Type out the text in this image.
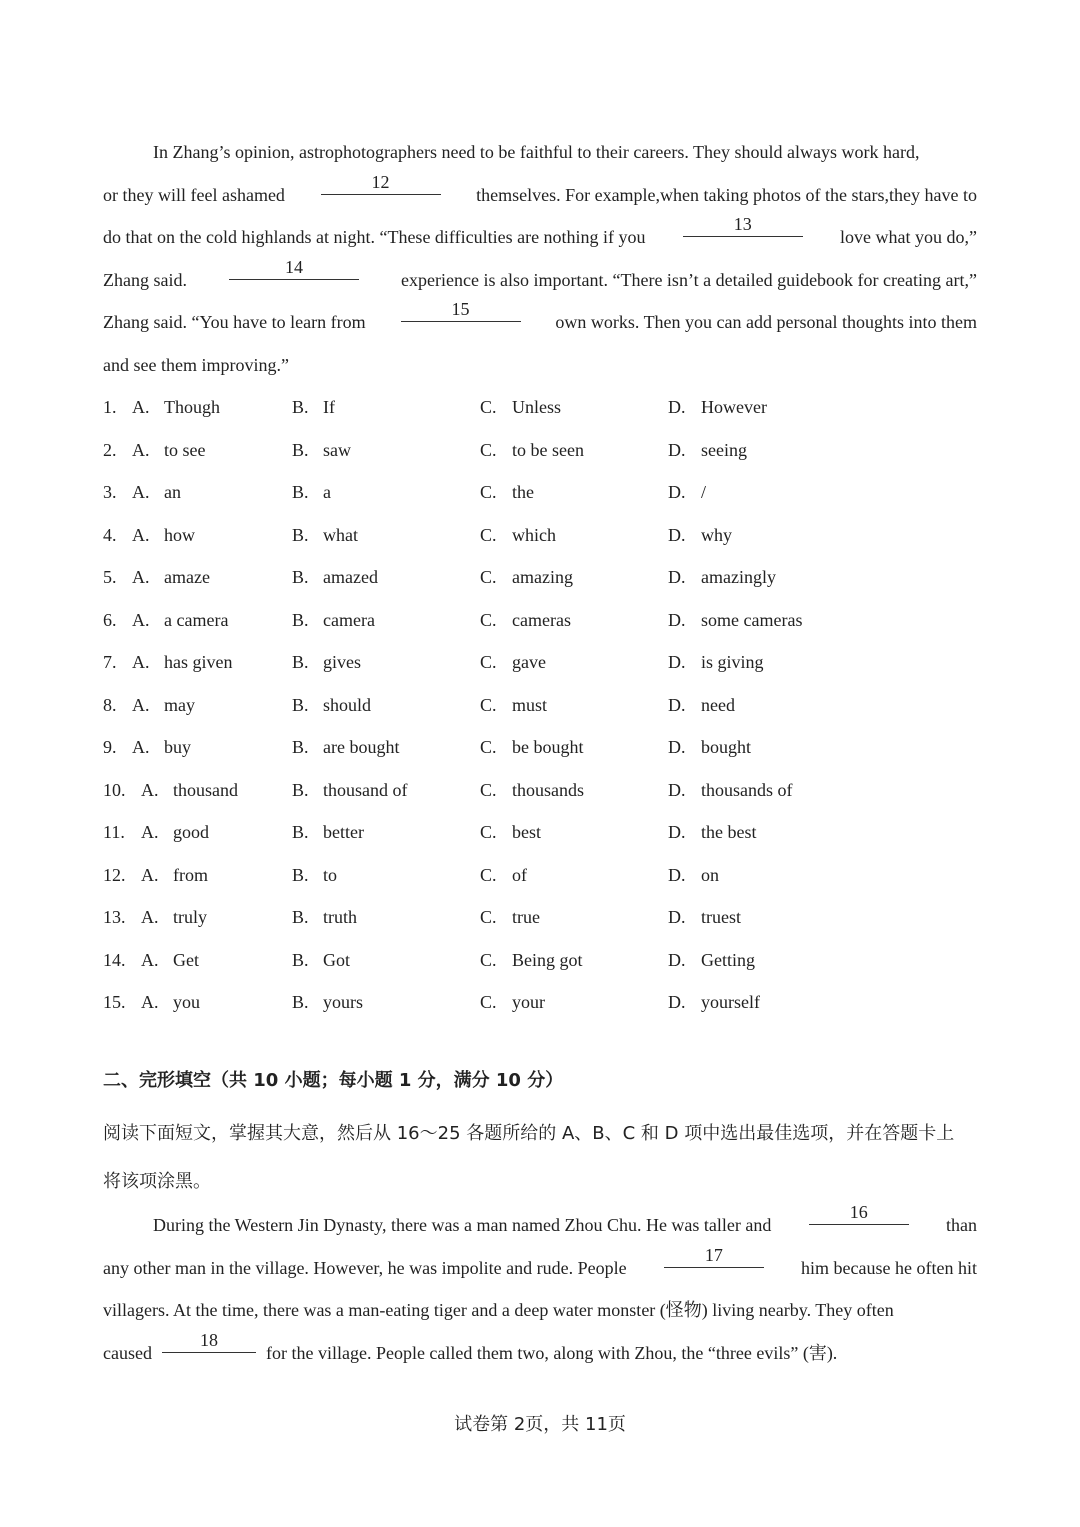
In Zhang’s opinion, astrophotographers need to be faithful to their careers. They should always work hard,
or they will feel ashamed
12
themselves. For example,when taking photos of the stars,they have to
do that on the cold highlands at night. “These difficulties are nothing if you
13
love what you do,”
Zhang said.
14
experience is also important. “There isn’t a detailed guidebook for creating art,”
Zhang said. “You have to learn from
15
own works. Then you can add personal thoughts into them
and see them improving.”
1. A. Though	B. If	C. Unless	D. However
2. A. to see	B. saw	C. to be seen	D. seeing
3. A. an	B. a	C. the	D. /
4. A. how	B. what	C. which	D. why
5. A. amaze	B. amazed	C. amazing	D. amazingly
6. A. a camera	B. camera	C. cameras	D. some cameras
7. A. has given	B. gives	C. gave	D. is giving
8. A. may	B. should	C. must	D. need
9. A. buy	B. are bought	C. be bought	D. bought
10. A. thousand	B. thousand of	C. thousands	D. thousands of
11. A. good	B. better	C. best	D. the best
12. A. from	B. to	C. of	D. on
13. A. truly	B. truth	C. true	D. truest
14. A. Get	B. Got	C. Being got	D. Getting
15. A. you	B. yours	C. your	D. yourself
二、完形填空（共 10 小题；每小题 1 分，满分 10 分）
阅读下面短文，掌握其大意，然后从 16～25 各题所给的 A、B、C 和 D 项中选出最佳选项，并在答题卡上
将该项涂黑。
During the Western Jin Dynasty, there was a man named Zhou Chu. He was taller and
16
than
any other man in the village. However, he was impolite and rude. People
17
him because he often hit
villagers. At the time, there was a man-eating tiger and a deep water monster (怪物) living nearby. They often
caused
18
for the village. People called them two, along with Zhou, the “three evils” (害).
试卷第 2页，共 11页
